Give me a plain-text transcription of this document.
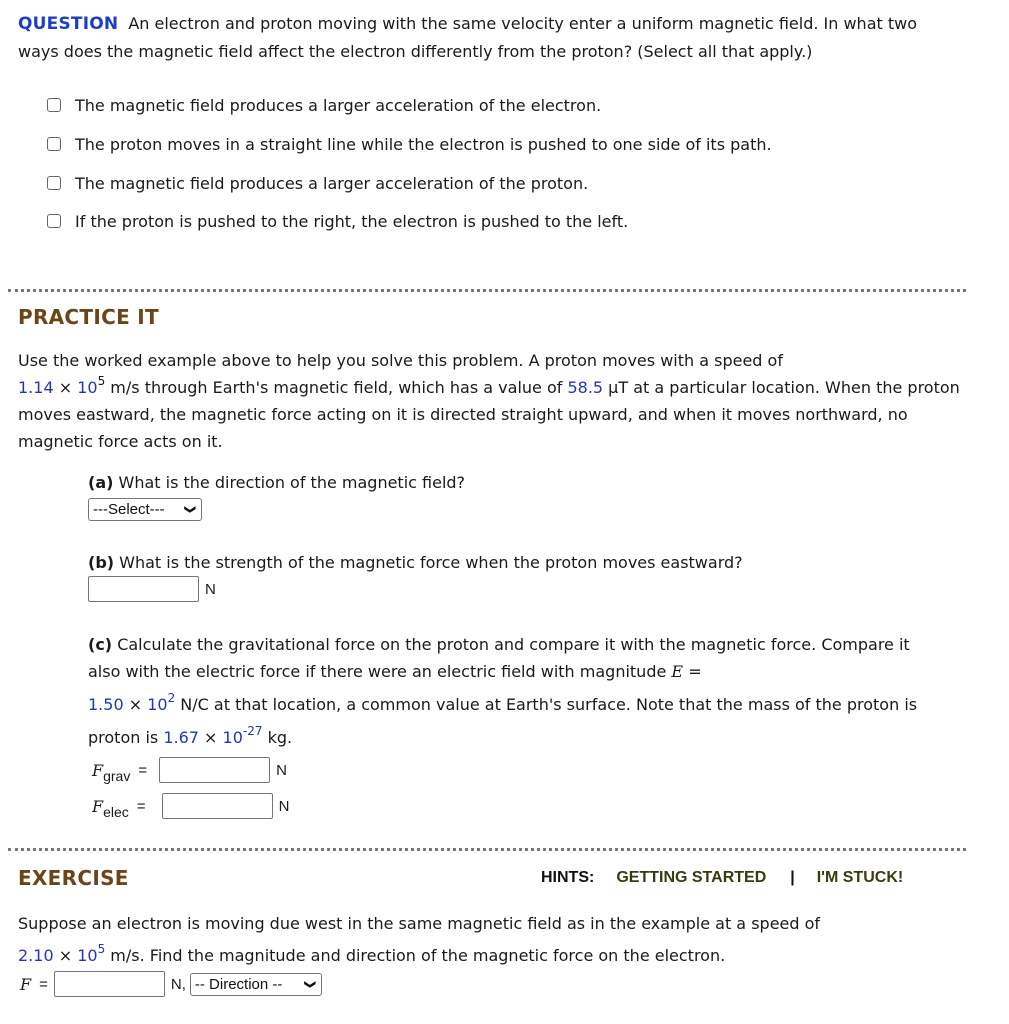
QUESTION An electron and proton moving with the same velocity enter a uniform magnetic field. In what two ways does the magnetic field affect the electron differently from the proton? (Select all that apply.)
The magnetic field produces a larger acceleration of the electron.
The proton moves in a straight line while the electron is pushed to one side of its path.
The magnetic field produces a larger acceleration of the proton.
If the proton is pushed to the right, the electron is pushed to the left.
PRACTICE IT
Use the worked example above to help you solve this problem. A proton moves with a speed of
$1.14 \times 10^5$ m/s through Earth's magnetic field, which has a value of 58.5 μT at a particular location. When the proton moves eastward, the magnetic force acting on it is directed straight upward, and when it moves northward, no magnetic force acts on it.
(a) What is the direction of the magnetic field?
---Select--- ❯
(b) What is the strength of the magnetic force when the proton moves eastward?
N
(c) Calculate the gravitational force on the proton and compare it with the magnetic force. Compare it also with the electric force if there were an electric field with magnitude E =
$1.50 \times 10^2$ N/C at that location, a common value at Earth's surface. Note that the mass of the proton is
proton is $1.67 \times 10^{-27}$ kg.
F grav =	N
F elec =	N
EXERCISE	HINTS: GETTING STARTED | I'M STUCK!
Suppose an electron is moving due west in the same magnetic field as in the example at a speed of
$2.10 \times 10^5$ m/s. Find the magnitude and direction of the magnetic force on the electron.
F =	N, -- Direction -- ❯
